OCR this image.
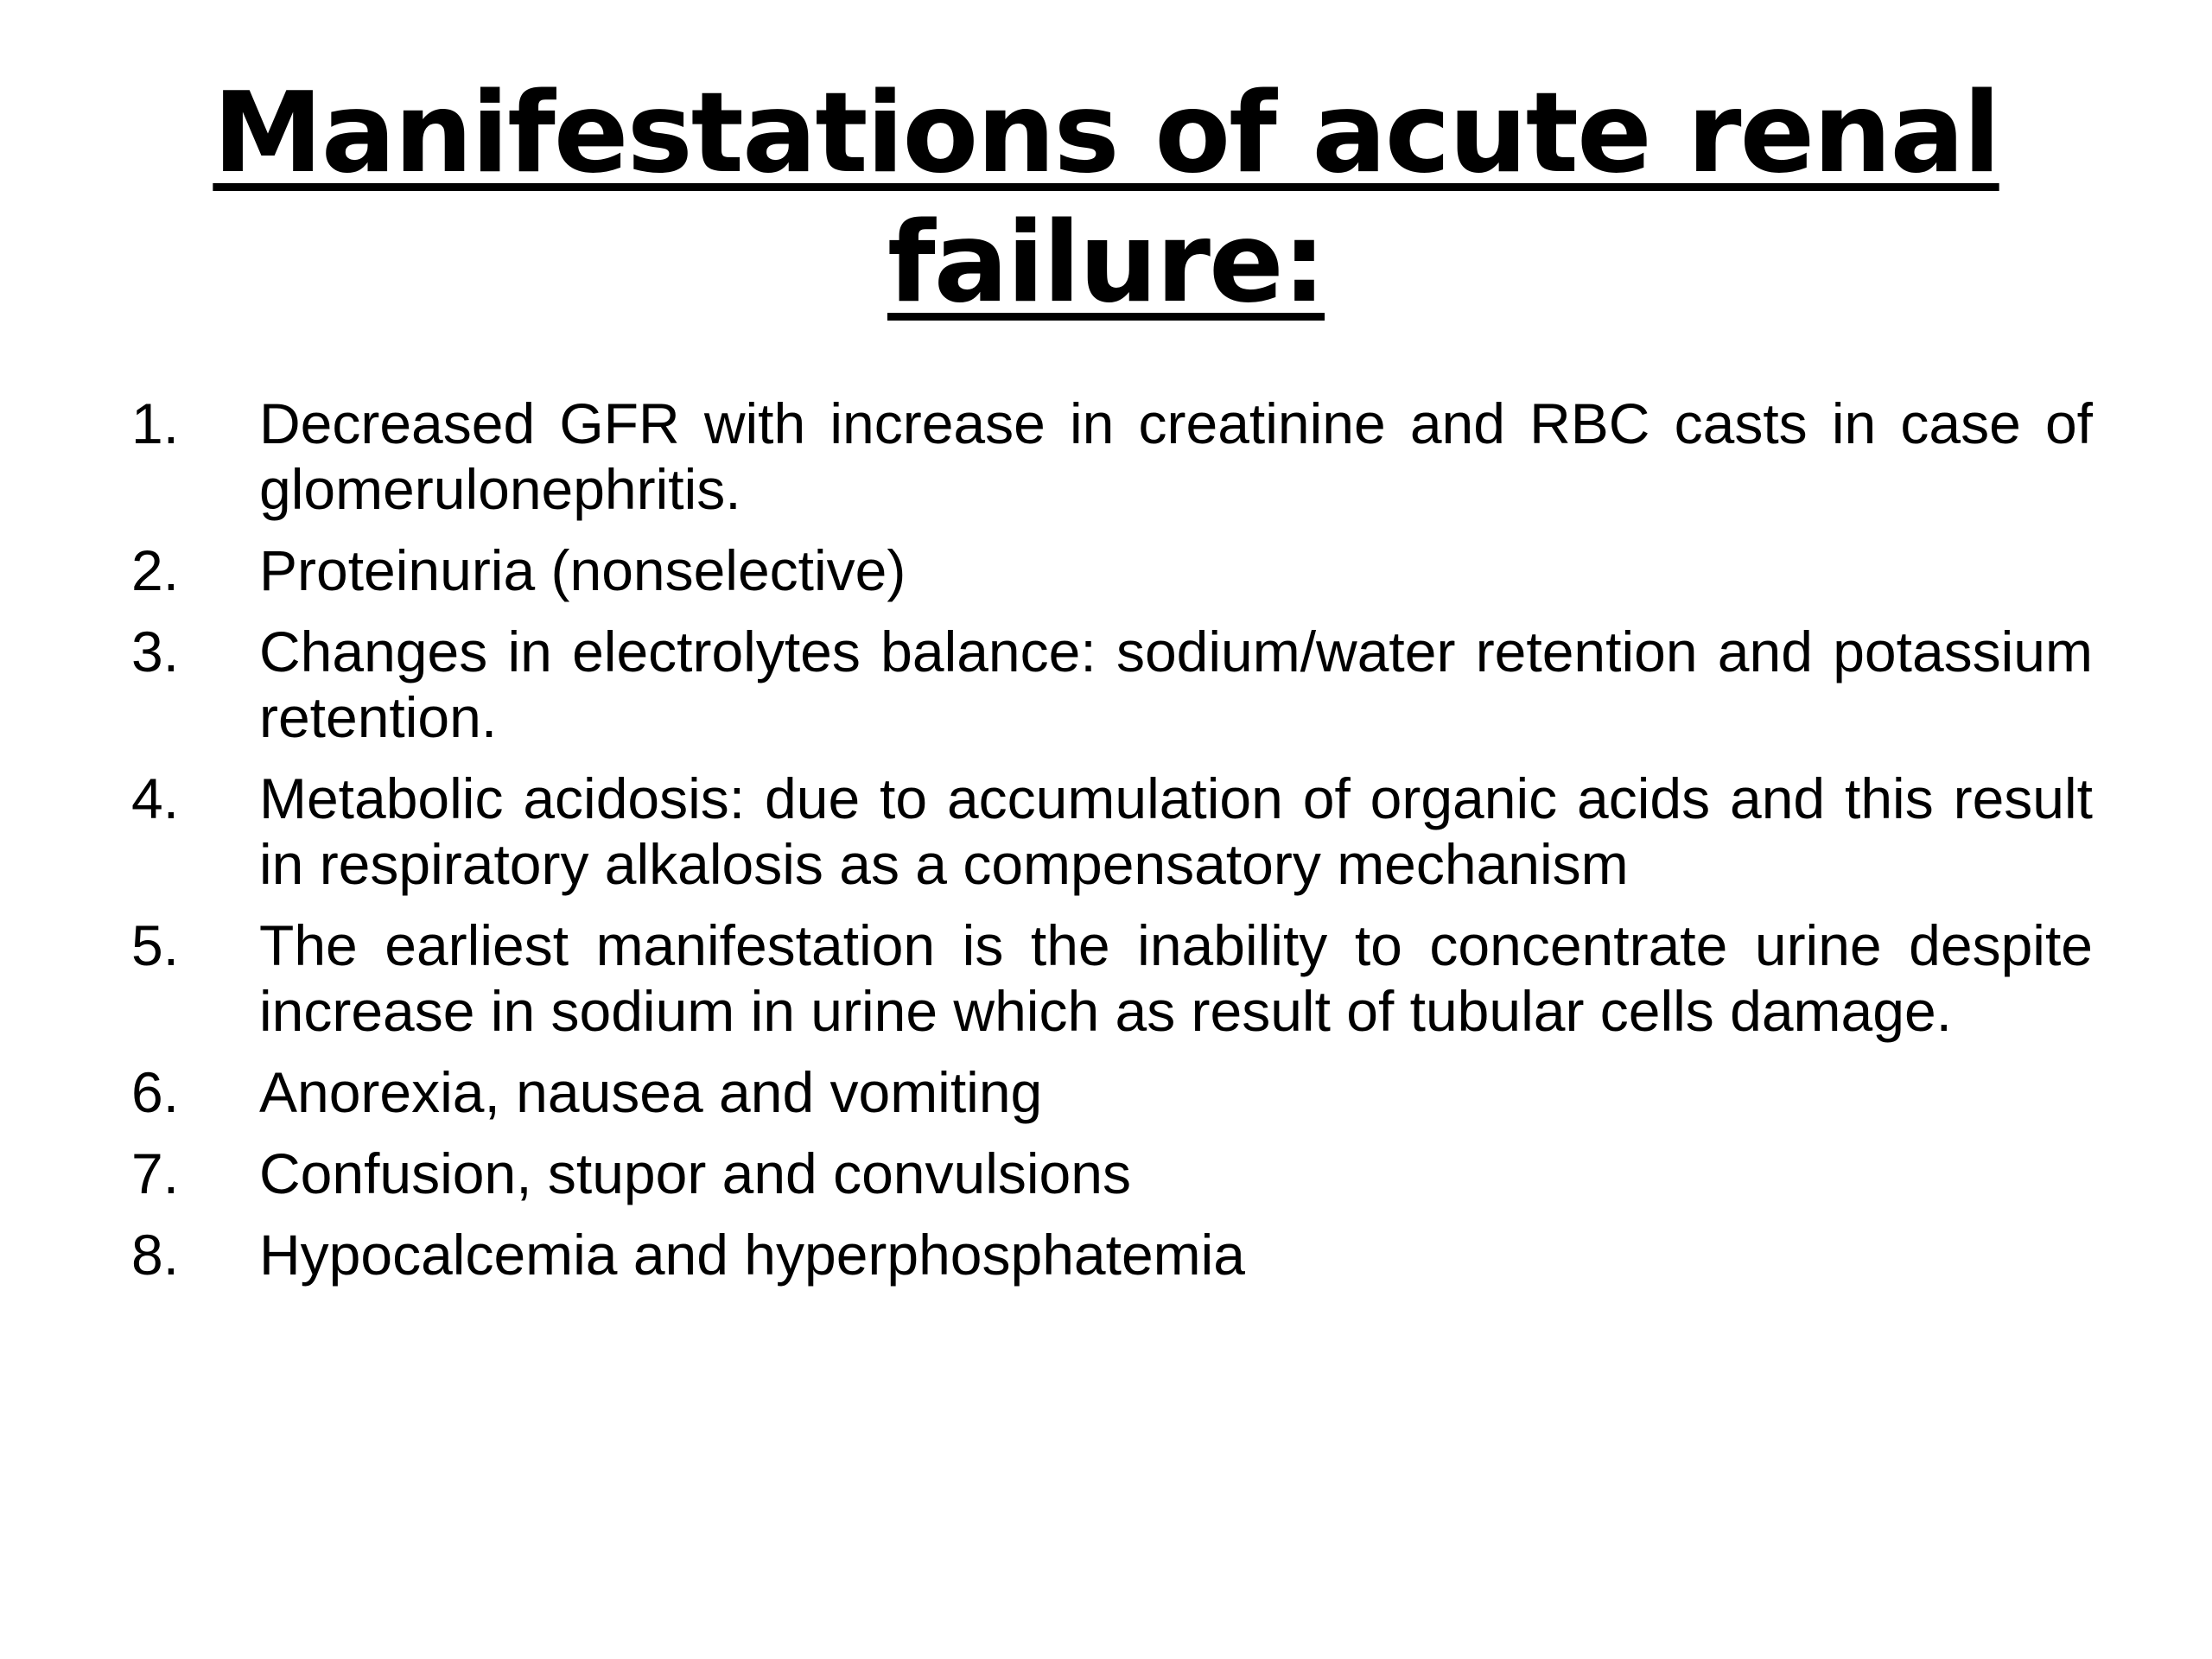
Manifestations of acute renal failure:
1.	Decreased GFR with increase in creatinine and RBC casts in case of glomerulonephritis.
2.	Proteinuria (nonselective)
3.	Changes in electrolytes balance: sodium/water retention and potassium retention.
4.	Metabolic acidosis: due to accumulation of organic acids and this result in respiratory alkalosis as a compensatory mechanism
5.	The earliest manifestation is the inability to concentrate urine despite increase in sodium in urine which as result of tubular cells damage.
6.	Anorexia, nausea and vomiting
7.	Confusion, stupor and convulsions
8.	Hypocalcemia and hyperphosphatemia
